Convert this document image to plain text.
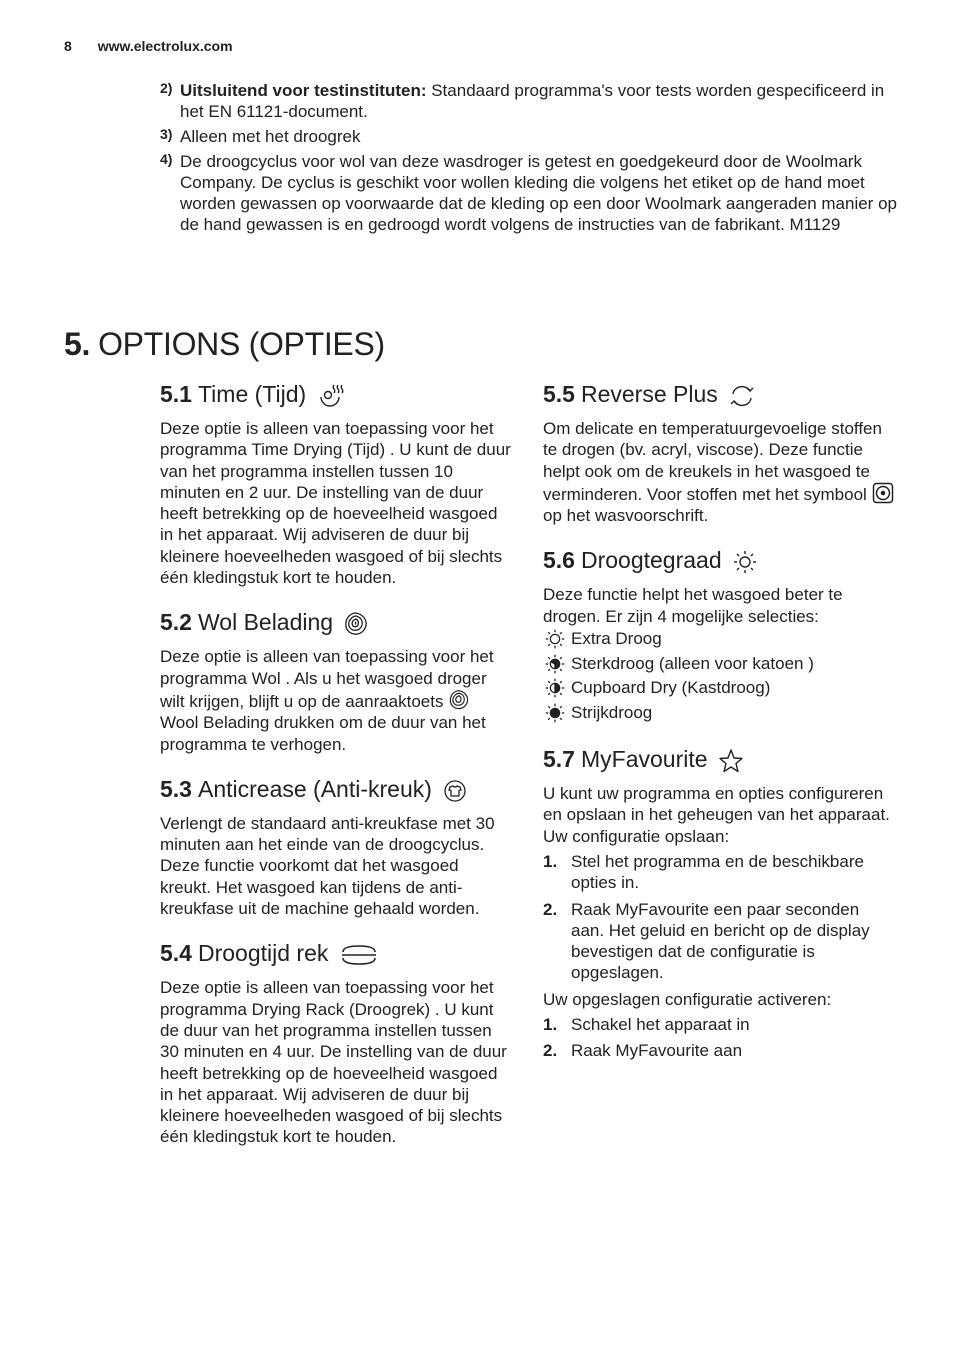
8 www.electrolux.com
2) Uitsluitend voor testinstituten: Standaard programma's voor tests worden gespecificeerd in het EN 61121-document.
3) Alleen met het droogrek
4) De droogcyclus voor wol van deze wasdroger is getest en goedgekeurd door de Woolmark Company. De cyclus is geschikt voor wollen kleding die volgens het etiket op de hand moet worden gewassen op voorwaarde dat de kleding op een door Woolmark aangeraden manier op de hand gewassen is en gedroogd wordt volgens de instructies van de fabrikant. M1129
5. OPTIONS (OPTIES)
5.1 Time (Tijd)

Deze optie is alleen van toepassing voor het programma Time Drying (Tijd) . U kunt de duur van het programma instellen tussen 10 minuten en 2 uur. De instelling van de duur heeft betrekking op de hoeveelheid wasgoed in het apparaat. Wij adviseren de duur bij kleinere hoeveelheden wasgoed of bij slechts één kledingstuk kort te houden.

5.2 Wol Belading

Deze optie is alleen van toepassing voor het programma Wol . Als u het wasgoed droger wilt krijgen, blijft u op de aanraaktoets  Wool Belading drukken om de duur van het programma te verhogen.

5.3 Anticrease (Anti-kreuk)

Verlengt de standaard anti-kreukfase met 30 minuten aan het einde van de droogcyclus. Deze functie voorkomt dat het wasgoed kreukt. Het wasgoed kan tijdens de anti-kreukfase uit de machine gehaald worden.

5.4 Droogtijd rek

Deze optie is alleen van toepassing voor het programma Drying Rack (Droogrek) . U kunt de duur van het programma instellen tussen 30 minuten en 4 uur. De instelling van de duur heeft betrekking op de hoeveelheid wasgoed in het apparaat. Wij adviseren de duur bij kleinere hoeveelheden wasgoed of bij slechts één kledingstuk kort te houden.

5.5 Reverse Plus

Om delicate en temperatuurgevoelige stoffen te drogen (bv. acryl, viscose). Deze functie helpt ook om de kreukels in het wasgoed te verminderen. Voor stoffen met het symbool  op het wasvoorschrift.

5.6 Droogtegraad

Deze functie helpt het wasgoed beter te drogen. Er zijn 4 mogelijke selecties:

Extra Droog
Sterkdroog (alleen voor katoen )
Cupboard Dry (Kastdroog)
Strijkdroog
5.7 MyFavourite

U kunt uw programma en opties configureren en opslaan in het geheugen van het apparaat.

Uw configuratie opslaan:

1. Stel het programma en de beschikbare opties in.
2. Raak MyFavourite een paar seconden aan. Het geluid en bericht op de display bevestigen dat de configuratie is opgeslagen.

Uw opgeslagen configuratie activeren:

1. Schakel het apparaat in
2. Raak MyFavourite aan
